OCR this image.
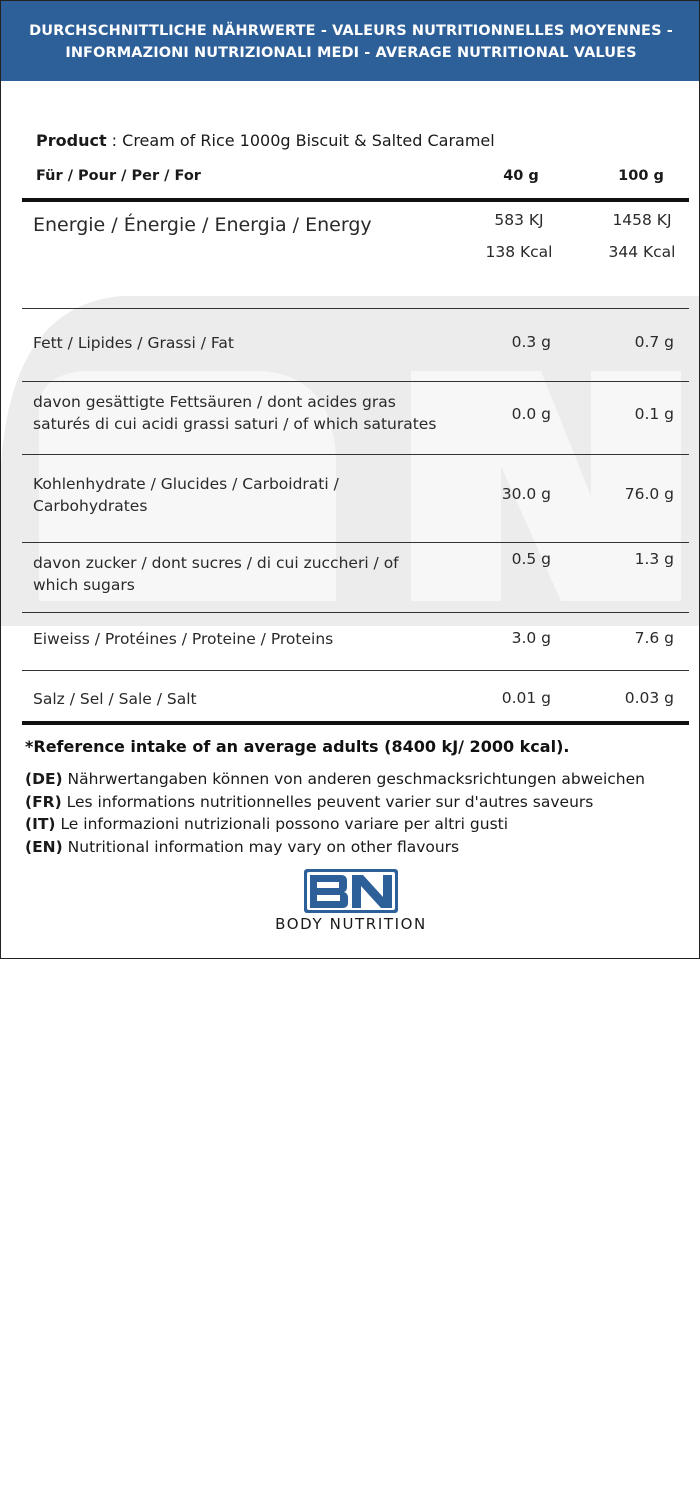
DURCHSCHNITTLICHE NÄHRWERTE - VALEURS NUTRITIONNELLES MOYENNES -
INFORMAZIONI NUTRIZIONALI MEDI - AVERAGE NUTRITIONAL VALUES
Product : Cream of Rice 1000g Biscuit & Salted Caramel
Für / Pour / Per / For	40 g	100 g
Energie / Énergie / Energia / Energy	583 KJ	1458 KJ
138 Kcal	344 Kcal
Fett / Lipides / Grassi / Fat	0.3 g	0.7 g
davon gesättigte Fettsäuren / dont acides gras
saturés di cui acidi grassi saturi / of which saturates
0.0 g	0.1 g
Kohlenhydrate / Glucides / Carboidrati /
Carbohydrates
30.0 g	76.0 g
davon zucker / dont sucres / di cui zuccheri / of
which sugars
0.5 g	1.3 g
Eiweiss / Protéines / Proteine / Proteins	3.0 g	7.6 g
Salz / Sel / Sale / Salt	0.01 g	0.03 g
*Reference intake of an average adults (8400 kJ/ 2000 kcal).
(DE) Nährwertangaben können von anderen geschmacksrichtungen abweichen
(FR) Les informations nutritionnelles peuvent varier sur d'autres saveurs
(IT) Le informazioni nutrizionali possono variare per altri gusti
(EN) Nutritional information may vary on other flavours
BODY NUTRITION
